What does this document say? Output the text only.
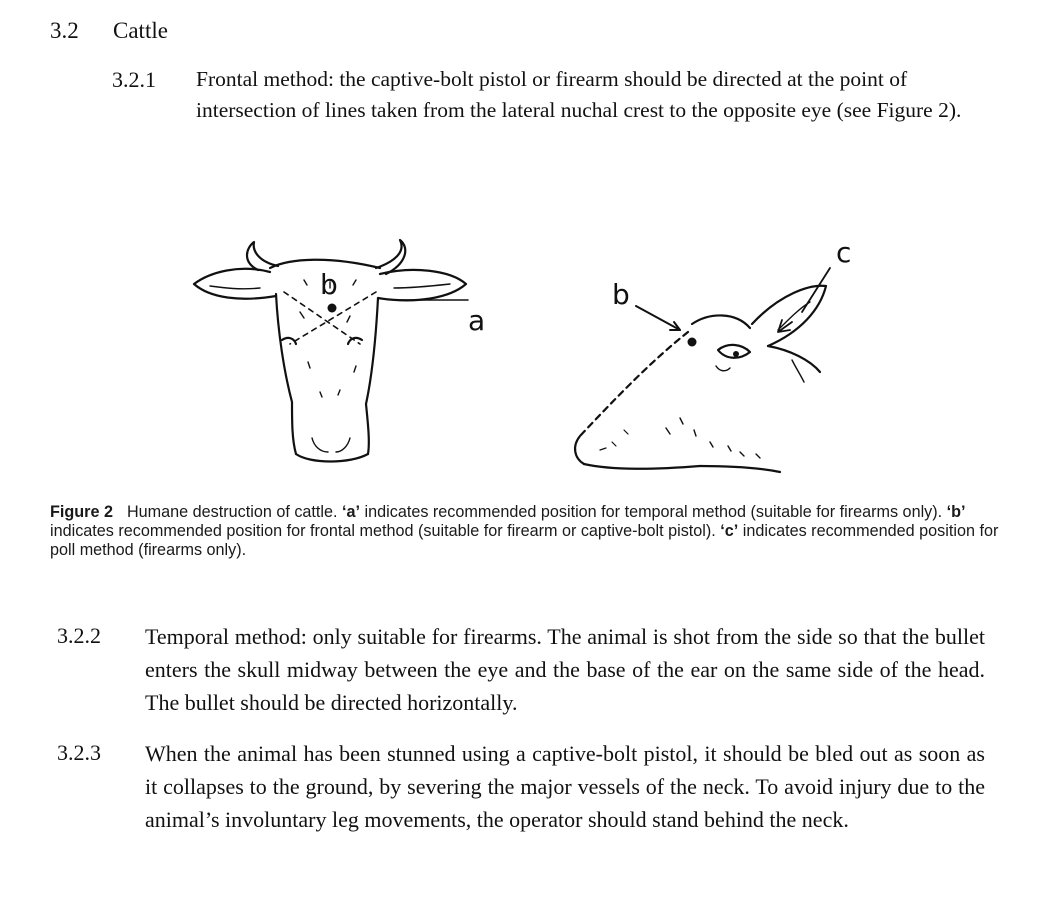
3.2 Cattle
3.2.1 Frontal method: the captive-bolt pistol or firearm should be directed at the point of intersection of lines taken from the lateral nuchal crest to the opposite eye (see Figure 2).
b
a
b
c
Figure 2 Humane destruction of cattle. ‘a’ indicates recommended position for temporal method (suitable for firearms only). ‘b’ indicates recommended position for frontal method (suitable for firearm or captive-bolt pistol). ‘c’ indicates recommended position for poll method (firearms only).
3.2.2 Temporal method: only suitable for firearms. The animal is shot from the side so that the bullet enters the skull midway between the eye and the base of the ear on the same side of the head. The bullet should be directed horizontally.
3.2.3 When the animal has been stunned using a captive-bolt pistol, it should be bled out as soon as it collapses to the ground, by severing the major vessels of the neck. To avoid injury due to the animal’s involuntary leg movements, the operator should stand behind the neck.
